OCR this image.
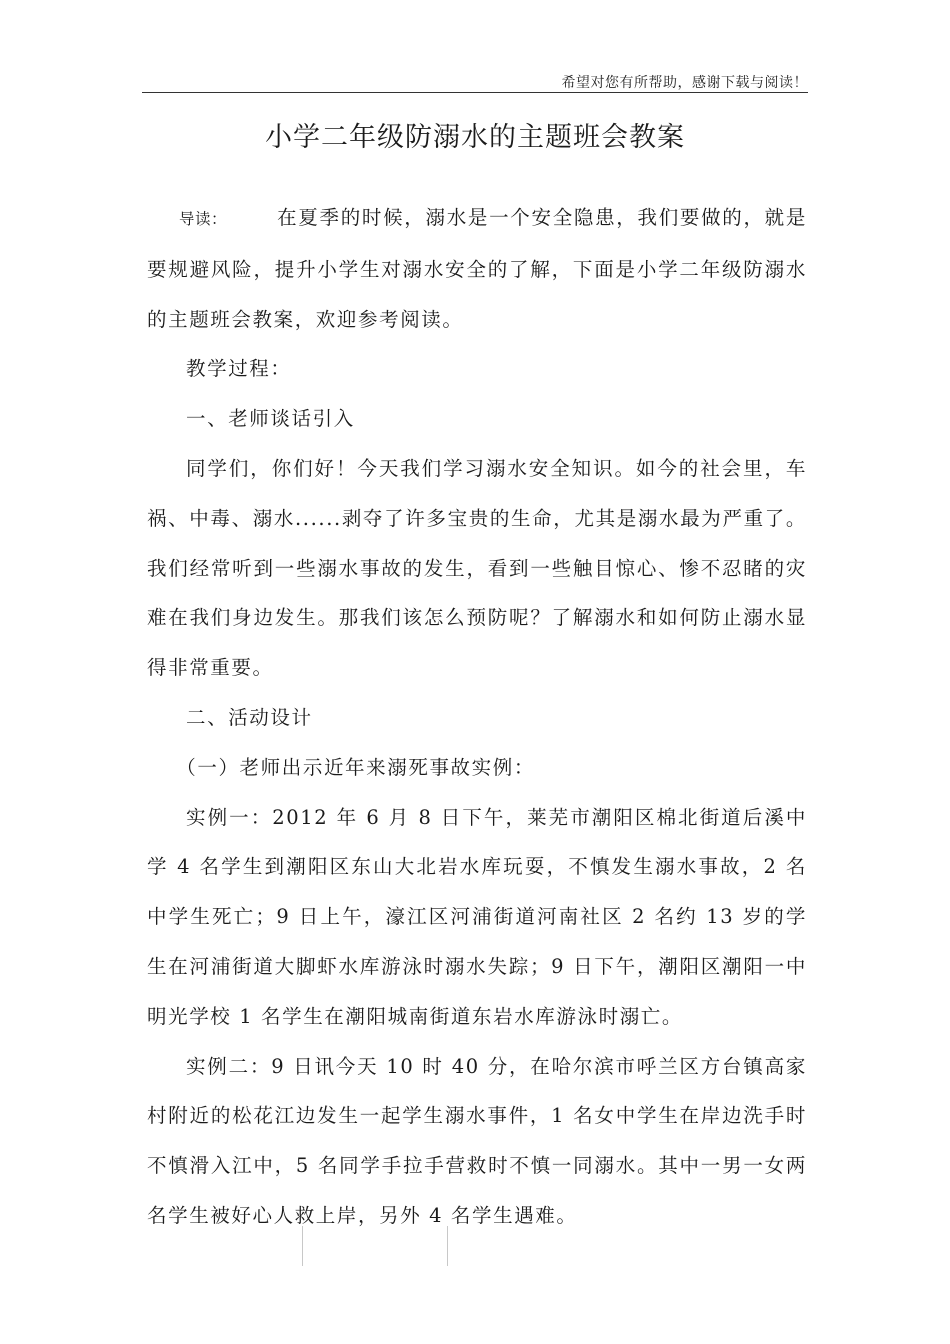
希望对您有所帮助，感谢下载与阅读！
小学二年级防溺水的主题班会教案

导读：	在夏季的时候，溺水是一个安全隐患，我们要做的，就是要规避风险，提升小学生对溺水安全的了解，下面是小学二年级防溺水的主题班会教案，欢迎参考阅读。

教学过程：

一、老师谈话引入

同学们，你们好！今天我们学习溺水安全知识。如今的社会里，车祸、中毒、溺水......剥夺了许多宝贵的生命，尤其是溺水最为严重了。我们经常听到一些溺水事故的发生，看到一些触目惊心、惨不忍睹的灾难在我们身边发生。那我们该怎么预防呢？了解溺水和如何防止溺水显得非常重要。

二、活动设计

（一）老师出示近年来溺死事故实例：

实例一：2012 年 6 月 8 日下午，莱芜市潮阳区棉北街道后溪中学 4 名学生到潮阳区东山大北岩水库玩耍，不慎发生溺水事故，2 名中学生死亡；9 日上午，濠江区河浦街道河南社区 2 名约 13 岁的学生在河浦街道大脚虾水库游泳时溺水失踪；9 日下午，潮阳区潮阳一中明光学校 1 名学生在潮阳城南街道东岩水库游泳时溺亡。

实例二：9 日讯今天 10 时 40 分，在哈尔滨市呼兰区方台镇高家村附近的松花江边发生一起学生溺水事件，1 名女中学生在岸边洗手时不慎滑入江中，5 名同学手拉手营救时不慎一同溺水。其中一男一女两名学生被好心人救上岸，另外 4 名学生遇难。
